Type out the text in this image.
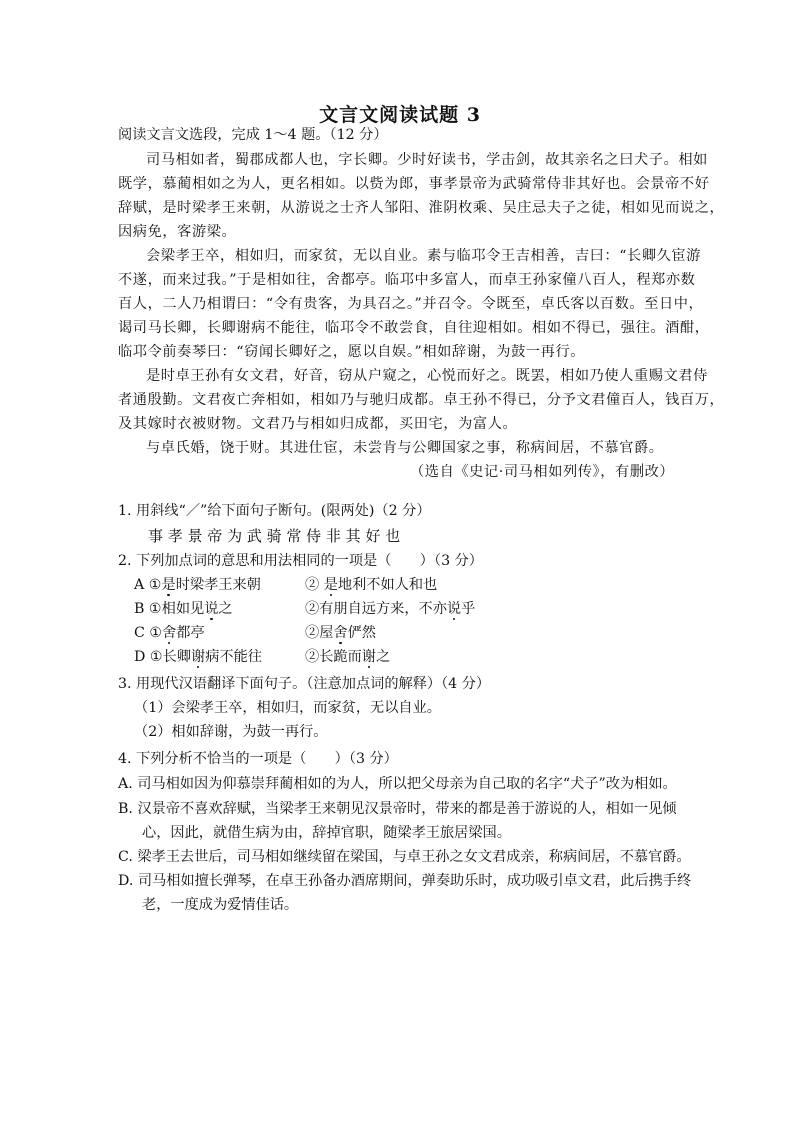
文言文阅读试题 3
阅读文言文选段，完成 1～4 题。（12 分）
司马相如者，蜀郡成都人也，字长卿。少时好读书，学击剑，故其亲名之曰犬子。相如
既学，慕蔺相如之为人，更名相如。以赀为郎，事孝景帝为武骑常侍非其好也。会景帝不好
辞赋，是时梁孝王来朝，从游说之士齐人邹阳、淮阴枚乘、吴庄忌夫子之徒，相如见而说之，
因病免，客游梁。
会梁孝王卒，相如归，而家贫，无以自业。素与临邛令王吉相善，吉曰：“长卿久宦游
不遂，而来过我。”于是相如往，舍都亭。临邛中多富人，而卓王孙家僮八百人，程郑亦数
百人，二人乃相谓曰：“令有贵客，为具召之。”并召令。令既至，卓氏客以百数。至日中，
谒司马长卿，长卿谢病不能往，临邛令不敢尝食，自往迎相如。相如不得已，强往。酒酣，
临邛令前奏琴曰：“窃闻长卿好之，愿以自娱。”相如辞谢，为鼓一再行。
是时卓王孙有女文君，好音，窃从户窥之，心悦而好之。既罢，相如乃使人重赐文君侍
者通殷勤。文君夜亡奔相如，相如乃与驰归成都。卓王孙不得已，分予文君僮百人，钱百万，
及其嫁时衣被财物。文君乃与相如归成都，买田宅，为富人。
与卓氏婚，饶于财。其进仕宦，未尝肯与公卿国家之事，称病间居，不慕官爵。
（选自《史记·司马相如列传》，有删改）
1. 用斜线“／”给下面句子断句。(限两处)（2 分）
事 孝 景 帝 为 武 骑 常 侍 非 其 好 也
2. 下列加点词的意思和用法相同的一项是（　　）（3 分）
A ①是时梁孝王来朝	② 是地利不如人和也
B ①相如见说之	②有朋自远方来，不亦说乎
C ①舍都亭	②屋舍俨然
D ①长卿谢病不能往	②长跪而谢之
3. 用现代汉语翻译下面句子。（注意加点词的解释）（4 分）
（1）会梁孝王卒，相如归，而家贫，无以自业。
（2）相如辞谢，为鼓一再行。
4. 下列分析不恰当的一项是（　　）（3 分）
A. 司马相如因为仰慕崇拜蔺相如的为人，所以把父母亲为自己取的名字“犬子”改为相如。
B. 汉景帝不喜欢辞赋，当梁孝王来朝见汉景帝时，带来的都是善于游说的人，相如一见倾
心，因此，就借生病为由，辞掉官职，随梁孝王旅居梁国。
C. 梁孝王去世后，司马相如继续留在梁国，与卓王孙之女文君成亲，称病间居，不慕官爵。
D. 司马相如擅长弹琴，在卓王孙备办酒席期间，弹奏助乐时，成功吸引卓文君，此后携手终
老，一度成为爱情佳话。
